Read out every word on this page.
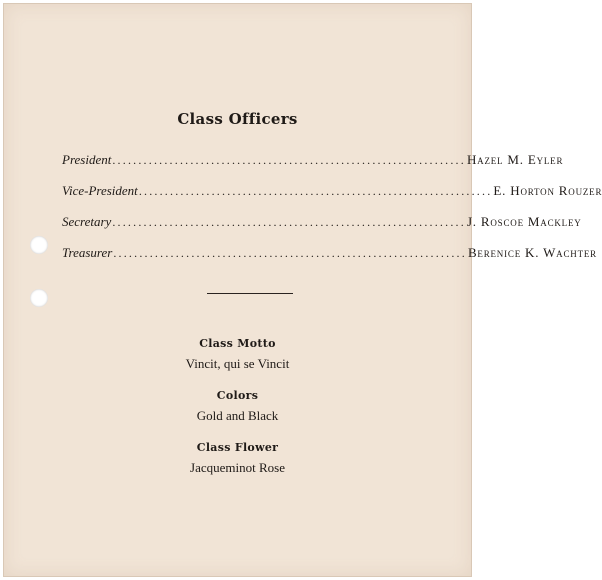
Class Officers
President .................................................................... Hazel M. Eyler
Vice-President .................................................................... E. Horton Rouzer
Secretary .................................................................... J. Roscoe Mackley
Treasurer .................................................................... Berenice K. Wachter
Class Motto
Vincit, qui se Vincit
Colors
Gold and Black
Class Flower
Jacqueminot Rose
